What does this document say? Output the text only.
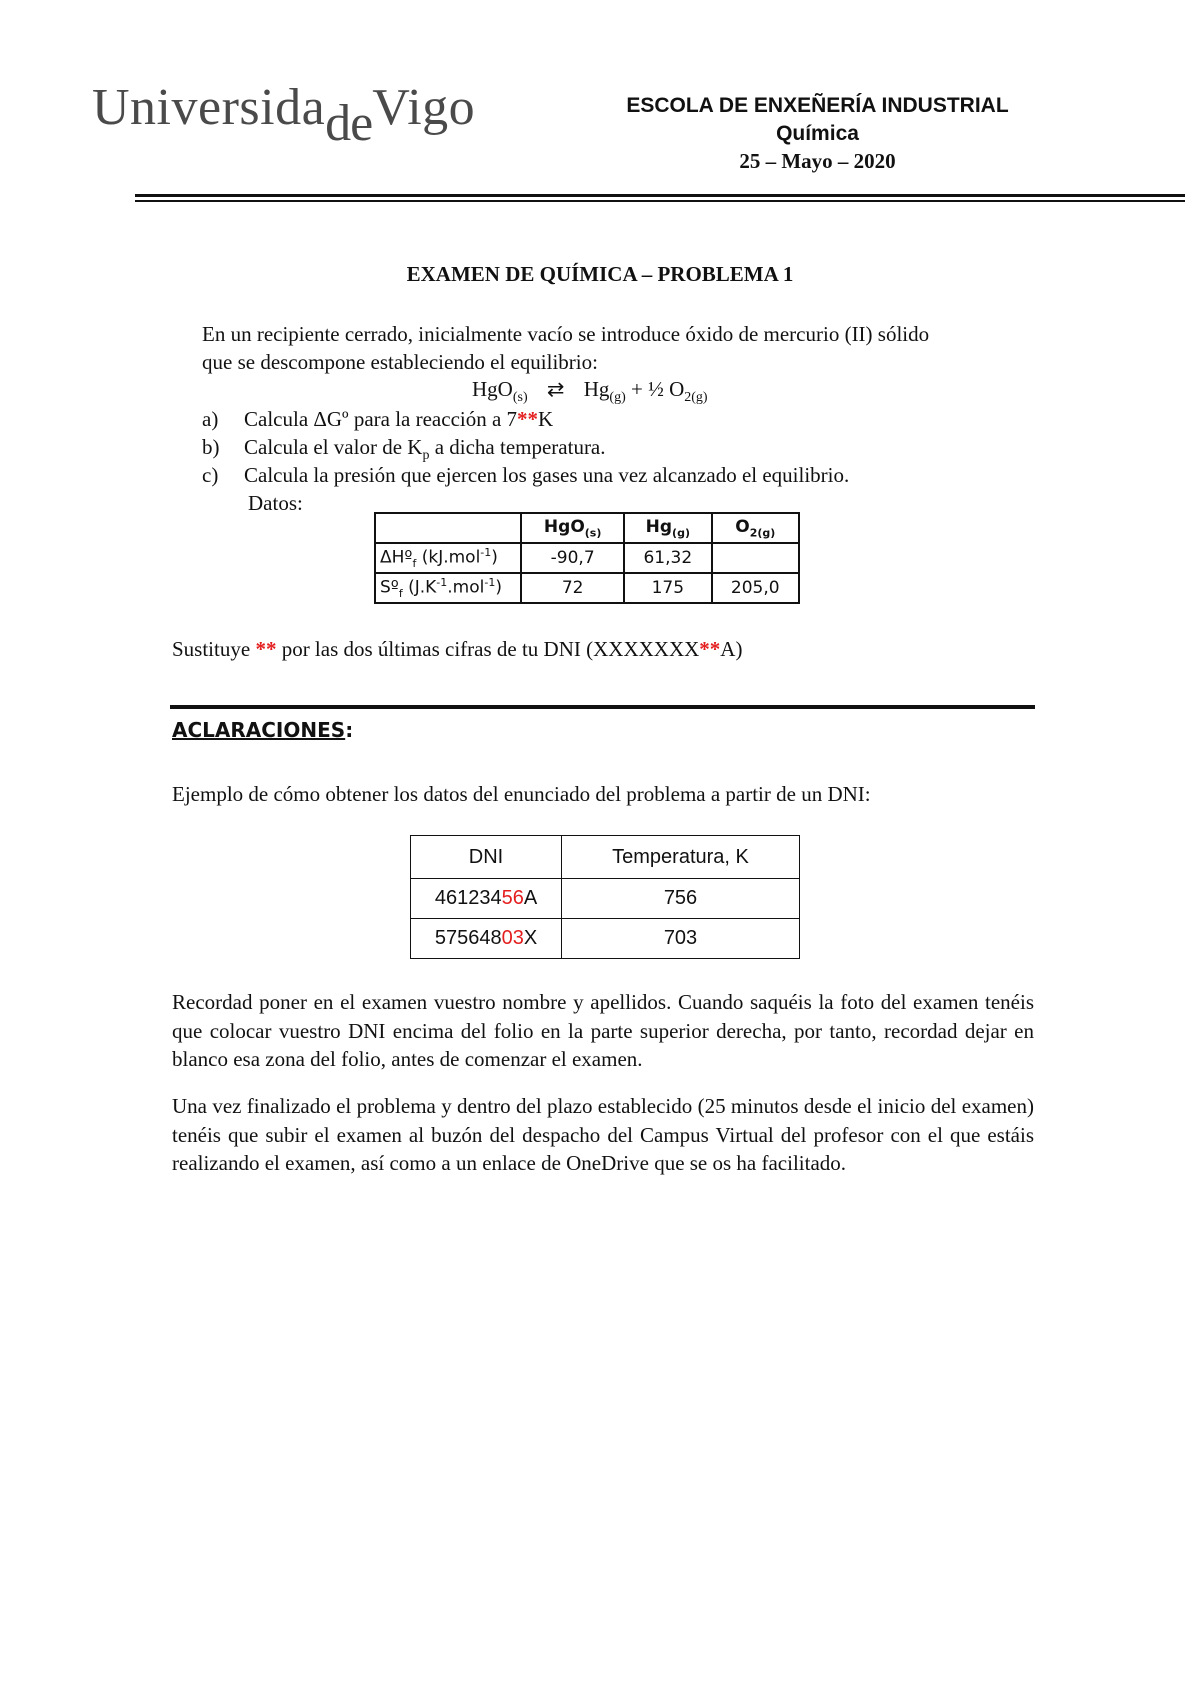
UniversidadeVigo	ESCOLA DE ENXEÑERÍA INDUSTRIAL
Química
25 – Mayo – 2020
EXAMEN DE QUÍMICA – PROBLEMA 1
En un recipiente cerrado, inicialmente vacío se introduce óxido de mercurio (II) sólido
que se descompone estableciendo el equilibrio:
HgO$_{(s)}$ ⇄ $Hg_{(g)}$ + ½ $O_{2(g)}$
a) Calcula ΔGº para la reacción a 7**K
b) Calcula el valor de $K_p$ a dicha temperatura.
c) Calcula la presión que ejercen los gases una vez alcanzado el equilibrio.
Datos:
	HgO$_{(s)}$	$Hg_{(g)}$	$O_{2(g)}$
ΔHº$_f$ (kJ.mol$^{-1}$)	-90,7	61,32	
Sº$_f$ $(J.K^{-1}.mol^{-1})$	72	175	205,0
Sustituye ** por las dos últimas cifras de tu DNI (XXXXXXX**A)
ACLARACIONES:
Ejemplo de cómo obtener los datos del enunciado del problema a partir de un DNI:
DNI	Temperatura, K
46123456A	756
57564803X	703
Recordad poner en el examen vuestro nombre y apellidos. Cuando saquéis la foto del examen tenéis que colocar vuestro DNI encima del folio en la parte superior derecha, por tanto, recordad dejar en blanco esa zona del folio, antes de comenzar el examen.
Una vez finalizado el problema y dentro del plazo establecido (25 minutos desde el inicio del examen) tenéis que subir el examen al buzón del despacho del Campus Virtual del profesor con el que estáis realizando el examen, así como a un enlace de OneDrive que se os ha facilitado.
